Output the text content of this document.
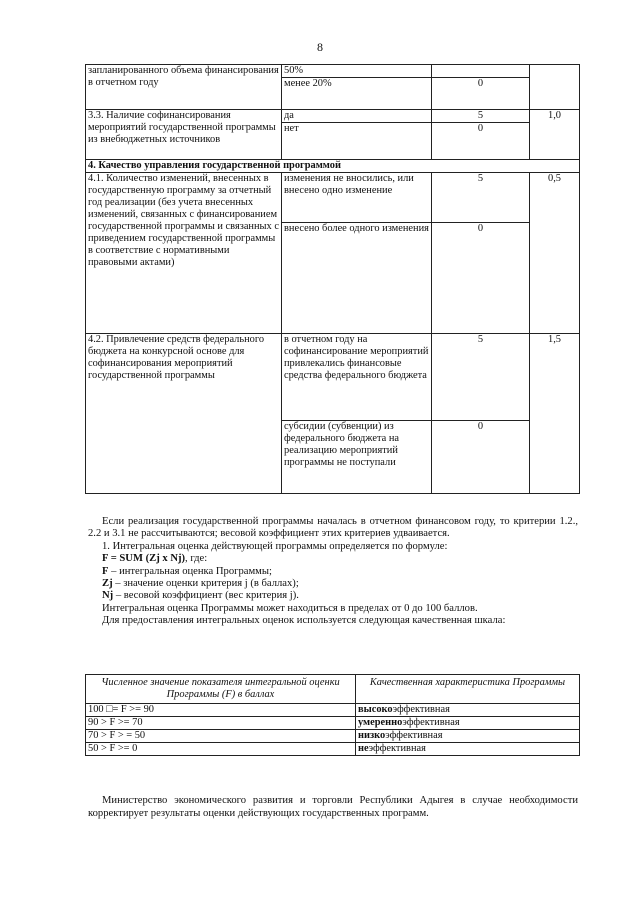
8
запланированного объема финансирования в отчетном году	50%		
	менее 20%	0	
3.3. Наличие софинансирования мероприятий государственной программы из внебюджетных источников	да	5	1,0
	нет	0	
4. Качество управления государственной программой			
4.1. Количество изменений, внесенных в государственную программу за отчетный год реализации (без учета внесенных изменений, связанных с финансированием государственной программы и связанных с приведением государственной программы в соответствие с нормативными правовыми актами)	изменения не вносились, или внесено одно изменение	5	0,5
	внесено более одного изменения	0	
4.2. Привлечение средств федерального бюджета на конкурсной основе для софинансирования мероприятий государственной программы	в отчетном году на софинансирование мероприятий привлекались финансовые средства федерального бюджета	5	1,5
	субсидии (субвенции) из федерального бюджета на реализацию мероприятий программы не поступали	0	

Если реализация государственной программы началась в отчетном финансовом году, то критерии 1.2., 2.2 и 3.1 не рассчитываются; весовой коэффициент этих критериев удваивается.

1. Интегральная оценка действующей программы определяется по формуле:

F = SUM (Zj x Nj), где:

F – интегральная оценка Программы;

Zj – значение оценки критерия j (в баллах);

Nj – весовой коэффициент (вес критерия j).

Интегральная оценка Программы может находиться в пределах от 0 до 100 баллов.

Для предоставления интегральных оценок используется следующая качественная шкала:

Численное значение показателя интегральной оценки Программы (F) в баллах	Качественная характеристика Программы
100 □= F >= 90	высокоэффективная
90 > F >= 70	умеренноэффективная
70 > F > = 50	низкоэффективная
50 > F >= 0	неэффективная

Министерство экономического развития и торговли Республики Адыгея в случае необходимости корректирует результаты оценки действующих государственных программ.
